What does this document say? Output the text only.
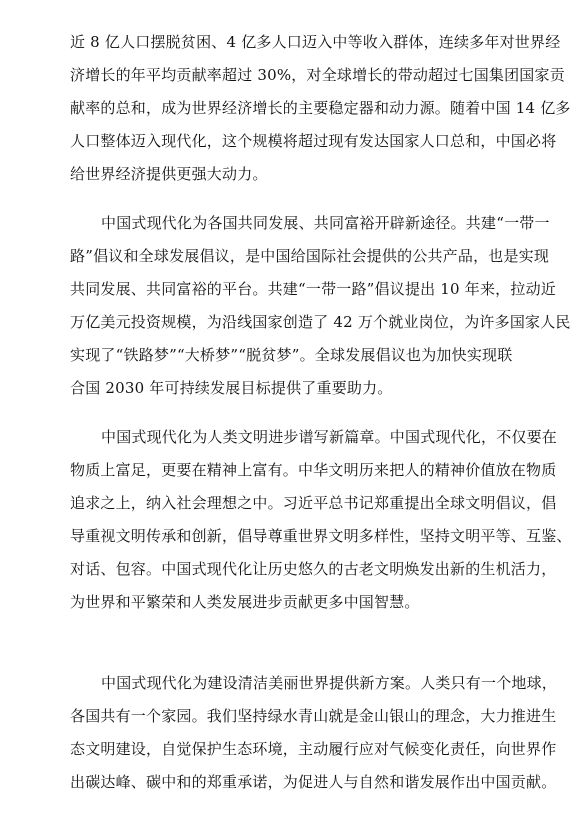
近 8 亿人口摆脱贫困、4 亿多人口迈入中等收入群体，连续多年对世界经
济增长的年平均贡献率超过 30%，对全球增长的带动超过七国集团国家贡
献率的总和，成为世界经济增长的主要稳定器和动力源。随着中国 14 亿多
人口整体迈入现代化，这个规模将超过现有发达国家人口总和，中国必将
给世界经济提供更强大动力。
中国式现代化为各国共同发展、共同富裕开辟新途径。共建“一带一
路”倡议和全球发展倡议，是中国给国际社会提供的公共产品，也是实现
共同发展、共同富裕的平台。共建“一带一路”倡议提出 10 年来，拉动近
万亿美元投资规模，为沿线国家创造了 42 万个就业岗位，为许多国家人民
实现了“铁路梦”“大桥梦”“脱贫梦”。全球发展倡议也为加快实现联
合国 2030 年可持续发展目标提供了重要助力。
中国式现代化为人类文明进步谱写新篇章。中国式现代化，不仅要在
物质上富足，更要在精神上富有。中华文明历来把人的精神价值放在物质
追求之上，纳入社会理想之中。习近平总书记郑重提出全球文明倡议，倡
导重视文明传承和创新，倡导尊重世界文明多样性，坚持文明平等、互鉴、
对话、包容。中国式现代化让历史悠久的古老文明焕发出新的生机活力，
为世界和平繁荣和人类发展进步贡献更多中国智慧。
中国式现代化为建设清洁美丽世界提供新方案。人类只有一个地球，
各国共有一个家园。我们坚持绿水青山就是金山银山的理念，大力推进生
态文明建设，自觉保护生态环境，主动履行应对气候变化责任，向世界作
出碳达峰、碳中和的郑重承诺，为促进人与自然和谐发展作出中国贡献。
